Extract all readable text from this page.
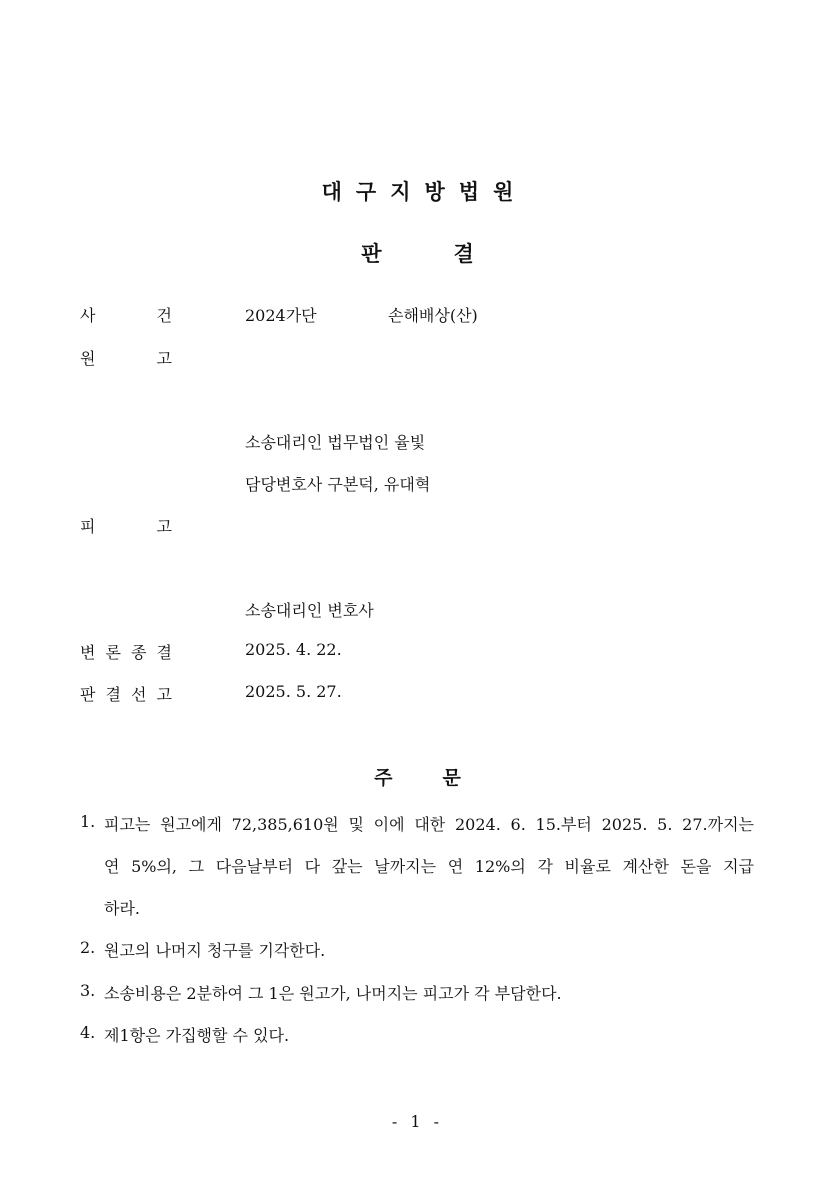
대구지방법원
판결
사	건	2024가단	손해배상(산)
원	고
소송대리인 법무법인 율빛
담당변호사 구본덕, 유대혁
피	고
소송대리인 변호사
변 론 종 결	2025. 4. 22.
판 결 선 고	2025. 5. 27.
주문
1. 피고는 원고에게 72,385,610원 및 이에 대한 2024. 6. 15.부터 2025. 5. 27.까지는
연 5%의, 그 다음날부터 다 갚는 날까지는 연 12%의 각 비율로 계산한 돈을 지급
하라.
2. 원고의 나머지 청구를 기각한다.
3. 소송비용은 2분하여 그 1은 원고가, 나머지는 피고가 각 부담한다.
4. 제1항은 가집행할 수 있다.
- 1 -
